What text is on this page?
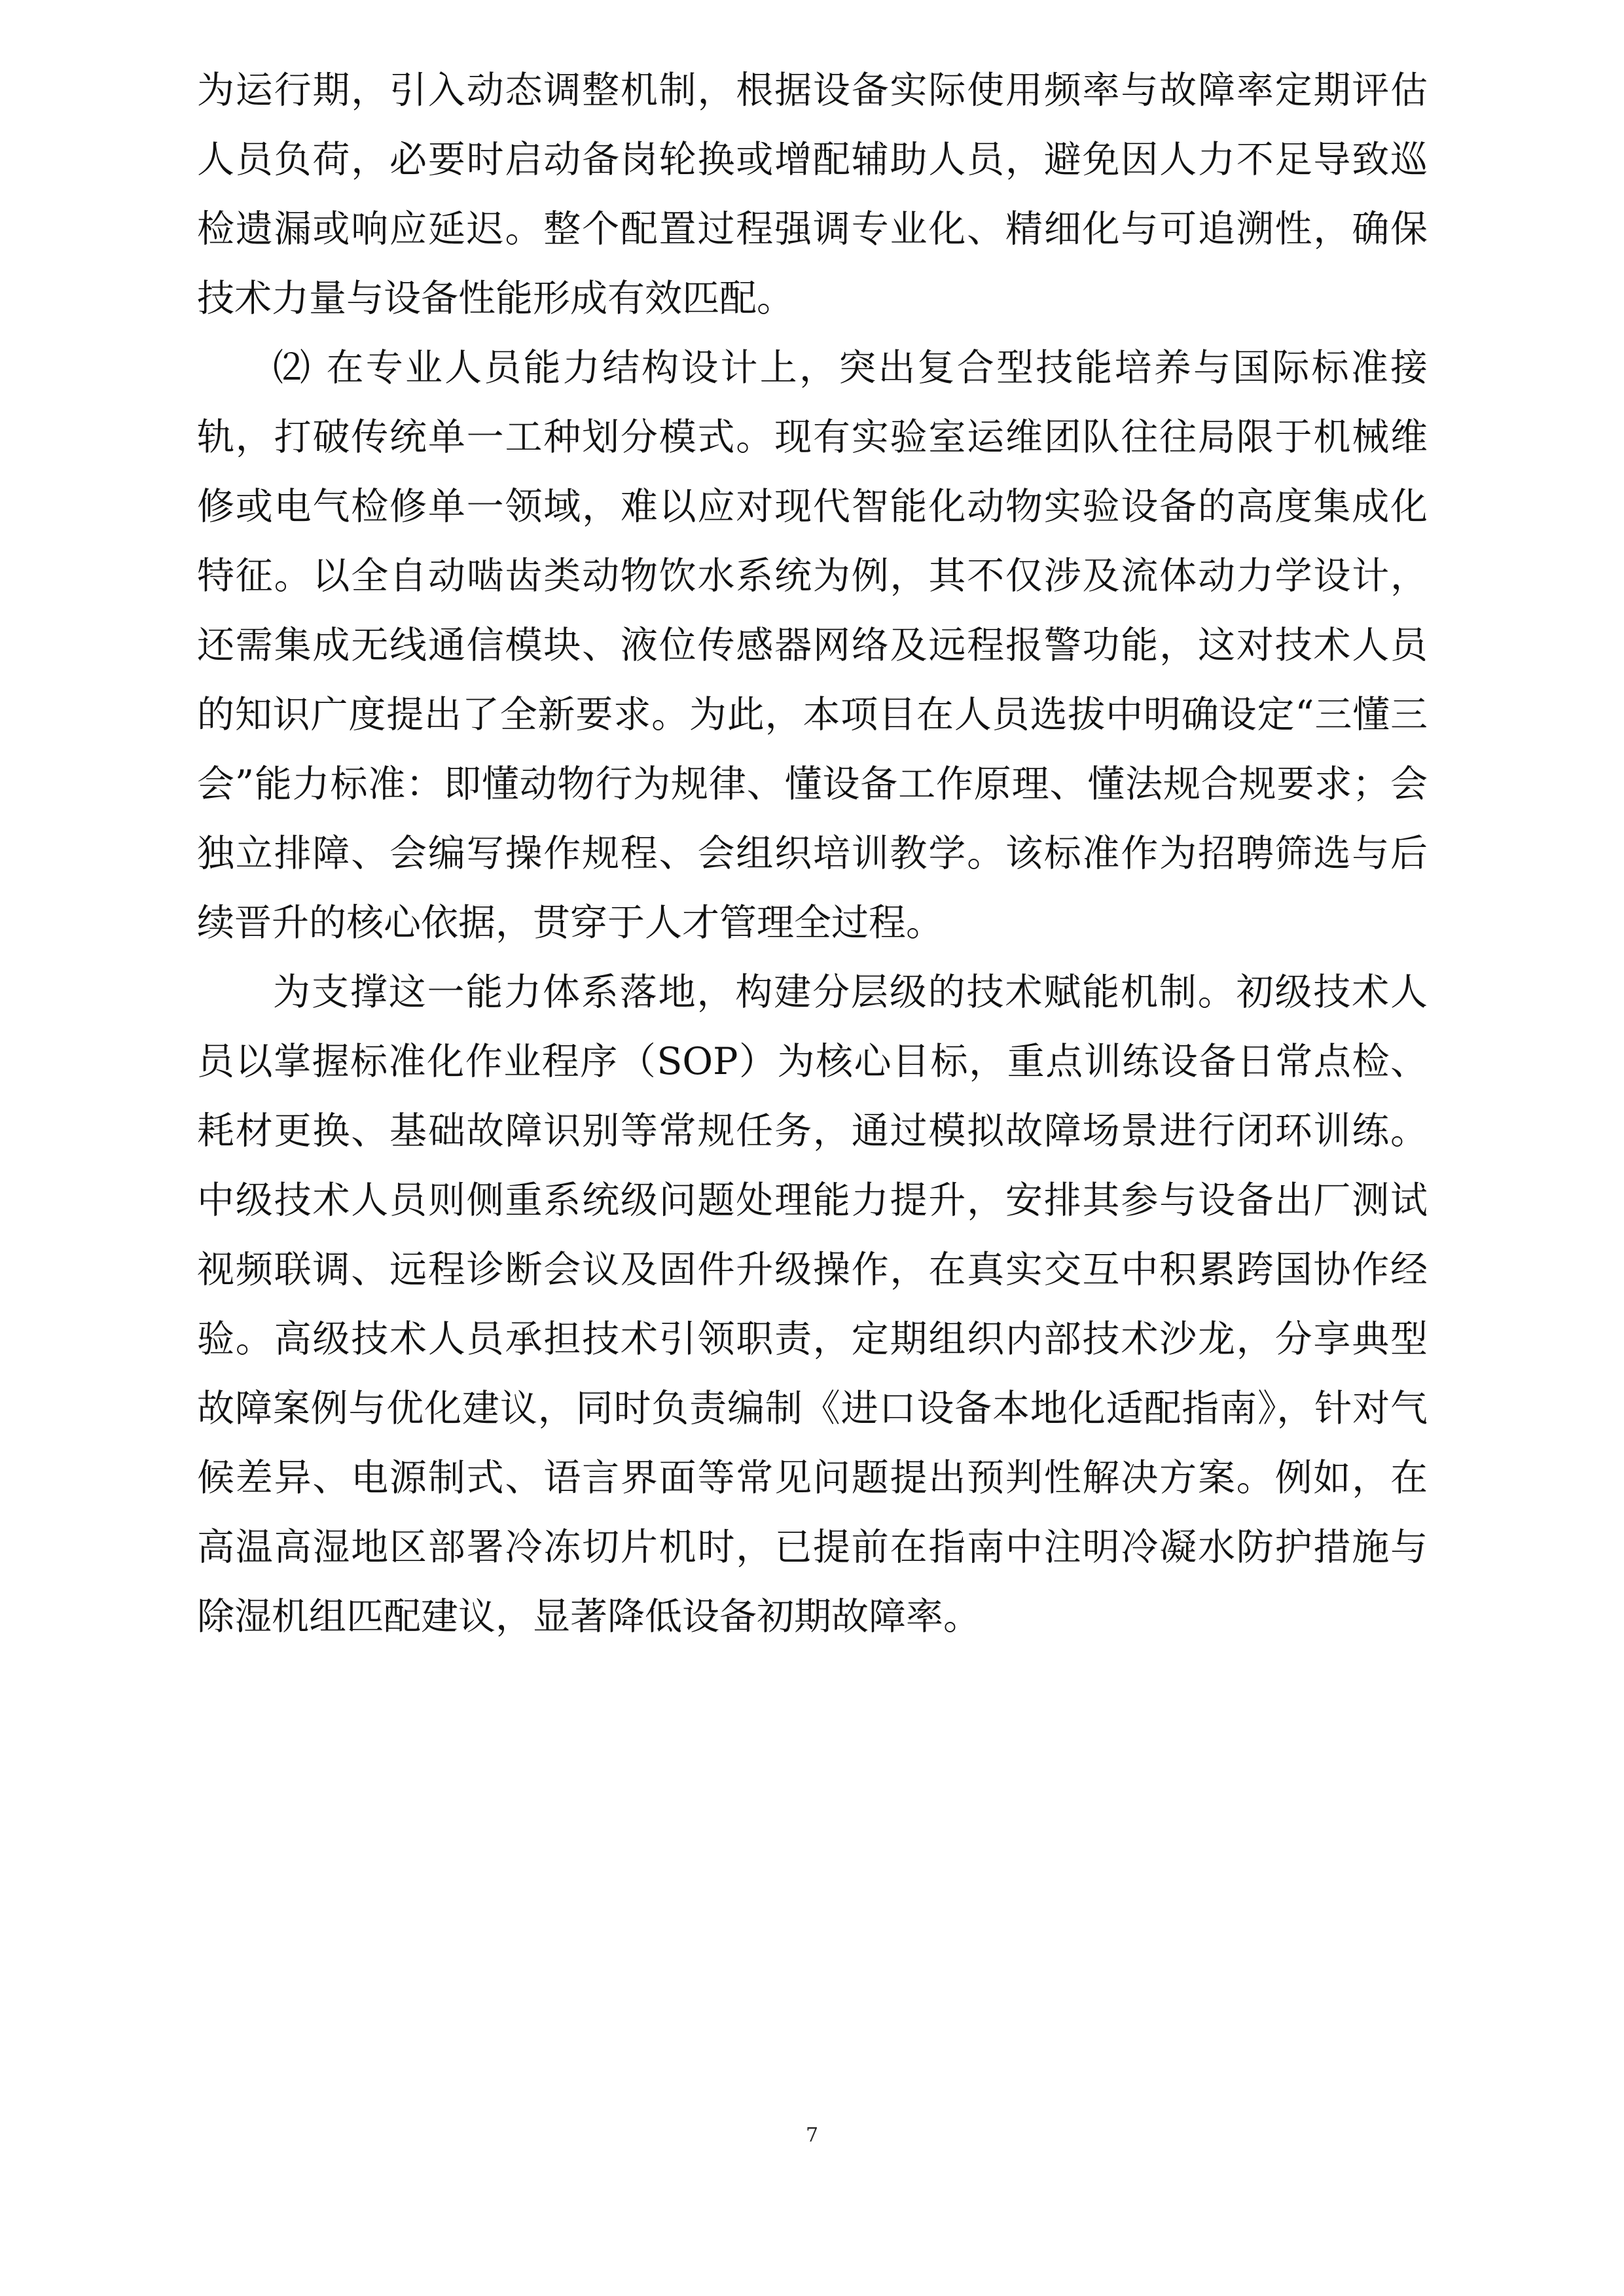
为运行期，引入动态调整机制，根据设备实际使用频率与故障率定期评估人员负荷，必要时启动备岗轮换或增配辅助人员，避免因人力不足导致巡检遗漏或响应延迟。整个配置过程强调专业化、精细化与可追溯性，确保技术力量与设备性能形成有效匹配。

⑵ 在专业人员能力结构设计上，突出复合型技能培养与国际标准接轨，打破传统单一工种划分模式。现有实验室运维团队往往局限于机械维修或电气检修单一领域，难以应对现代智能化动物实验设备的高度集成化特征。以全自动啮齿类动物饮水系统为例，其不仅涉及流体动力学设计，还需集成无线通信模块、液位传感器网络及远程报警功能，这对技术人员的知识广度提出了全新要求。为此，本项目在人员选拔中明确设定“三懂三会”能力标准：即懂动物行为规律、懂设备工作原理、懂法规合规要求；会独立排障、会编写操作规程、会组织培训教学。该标准作为招聘筛选与后续晋升的核心依据，贯穿于人才管理全过程。

为支撑这一能力体系落地，构建分层级的技术赋能机制。初级技术人员以掌握标准化作业程序（SOP）为核心目标，重点训练设备日常点检、耗材更换、基础故障识别等常规任务，通过模拟故障场景进行闭环训练。中级技术人员则侧重系统级问题处理能力提升，安排其参与设备出厂测试视频联调、远程诊断会议及固件升级操作，在真实交互中积累跨国协作经验。高级技术人员承担技术引领职责，定期组织内部技术沙龙，分享典型故障案例与优化建议，同时负责编制《进口设备本地化适配指南》，针对气候差异、电源制式、语言界面等常见问题提出预判性解决方案。例如，在高温高湿地区部署冷冻切片机时，已提前在指南中注明冷凝水防护措施与除湿机组匹配建议，显著降低设备初期故障率。

7
